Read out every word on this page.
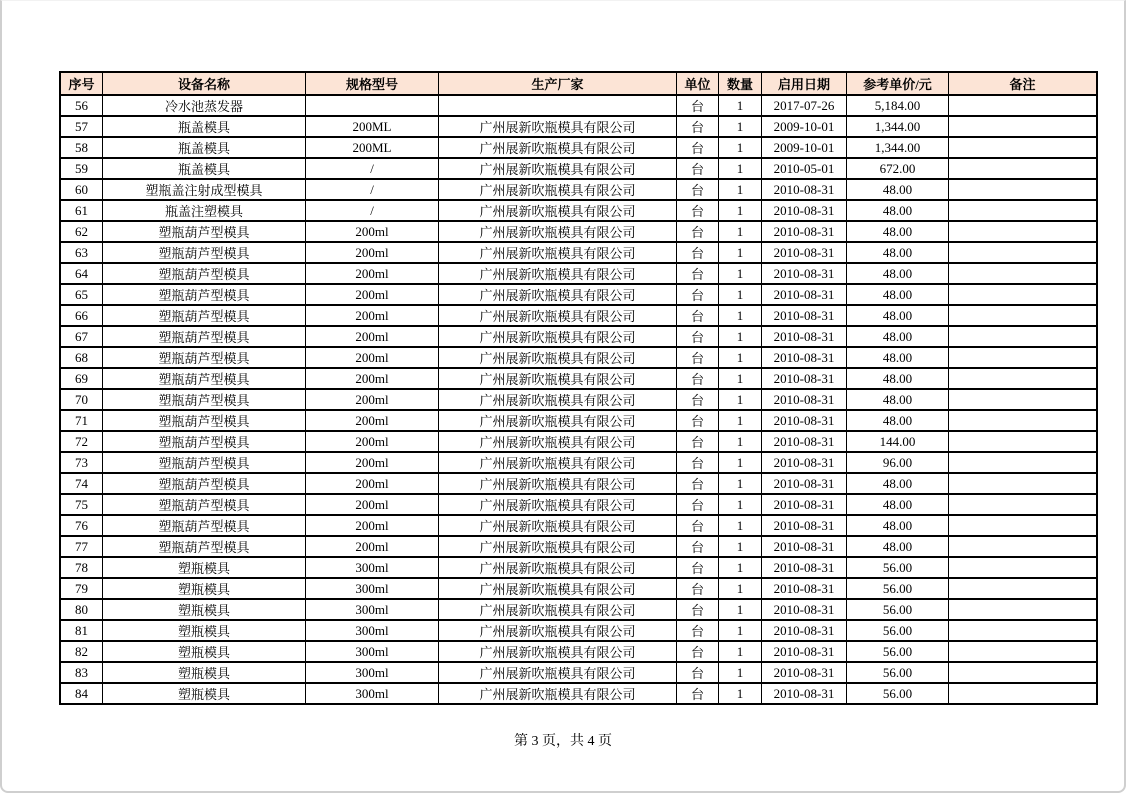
序号	设备名称	规格型号	生产厂家	单位	数量	启用日期	参考单价/元	备注
56	冷水池蒸发器			台	1	2017-07-26	5,184.00	
57	瓶盖模具	200ML	广州展新吹瓶模具有限公司	台	1	2009-10-01	1,344.00	
58	瓶盖模具	200ML	广州展新吹瓶模具有限公司	台	1	2009-10-01	1,344.00	
59	瓶盖模具	/	广州展新吹瓶模具有限公司	台	1	2010-05-01	672.00	
60	塑瓶盖注射成型模具	/	广州展新吹瓶模具有限公司	台	1	2010-08-31	48.00	
61	瓶盖注塑模具	/	广州展新吹瓶模具有限公司	台	1	2010-08-31	48.00	
62	塑瓶葫芦型模具	200ml	广州展新吹瓶模具有限公司	台	1	2010-08-31	48.00	
63	塑瓶葫芦型模具	200ml	广州展新吹瓶模具有限公司	台	1	2010-08-31	48.00	
64	塑瓶葫芦型模具	200ml	广州展新吹瓶模具有限公司	台	1	2010-08-31	48.00	
65	塑瓶葫芦型模具	200ml	广州展新吹瓶模具有限公司	台	1	2010-08-31	48.00	
66	塑瓶葫芦型模具	200ml	广州展新吹瓶模具有限公司	台	1	2010-08-31	48.00	
67	塑瓶葫芦型模具	200ml	广州展新吹瓶模具有限公司	台	1	2010-08-31	48.00	
68	塑瓶葫芦型模具	200ml	广州展新吹瓶模具有限公司	台	1	2010-08-31	48.00	
69	塑瓶葫芦型模具	200ml	广州展新吹瓶模具有限公司	台	1	2010-08-31	48.00	
70	塑瓶葫芦型模具	200ml	广州展新吹瓶模具有限公司	台	1	2010-08-31	48.00	
71	塑瓶葫芦型模具	200ml	广州展新吹瓶模具有限公司	台	1	2010-08-31	48.00	
72	塑瓶葫芦型模具	200ml	广州展新吹瓶模具有限公司	台	1	2010-08-31	144.00	
73	塑瓶葫芦型模具	200ml	广州展新吹瓶模具有限公司	台	1	2010-08-31	96.00	
74	塑瓶葫芦型模具	200ml	广州展新吹瓶模具有限公司	台	1	2010-08-31	48.00	
75	塑瓶葫芦型模具	200ml	广州展新吹瓶模具有限公司	台	1	2010-08-31	48.00	
76	塑瓶葫芦型模具	200ml	广州展新吹瓶模具有限公司	台	1	2010-08-31	48.00	
77	塑瓶葫芦型模具	200ml	广州展新吹瓶模具有限公司	台	1	2010-08-31	48.00	
78	塑瓶模具	300ml	广州展新吹瓶模具有限公司	台	1	2010-08-31	56.00	
79	塑瓶模具	300ml	广州展新吹瓶模具有限公司	台	1	2010-08-31	56.00	
80	塑瓶模具	300ml	广州展新吹瓶模具有限公司	台	1	2010-08-31	56.00	
81	塑瓶模具	300ml	广州展新吹瓶模具有限公司	台	1	2010-08-31	56.00	
82	塑瓶模具	300ml	广州展新吹瓶模具有限公司	台	1	2010-08-31	56.00	
83	塑瓶模具	300ml	广州展新吹瓶模具有限公司	台	1	2010-08-31	56.00	
84	塑瓶模具	300ml	广州展新吹瓶模具有限公司	台	1	2010-08-31	56.00	
第 3 页，共 4 页
